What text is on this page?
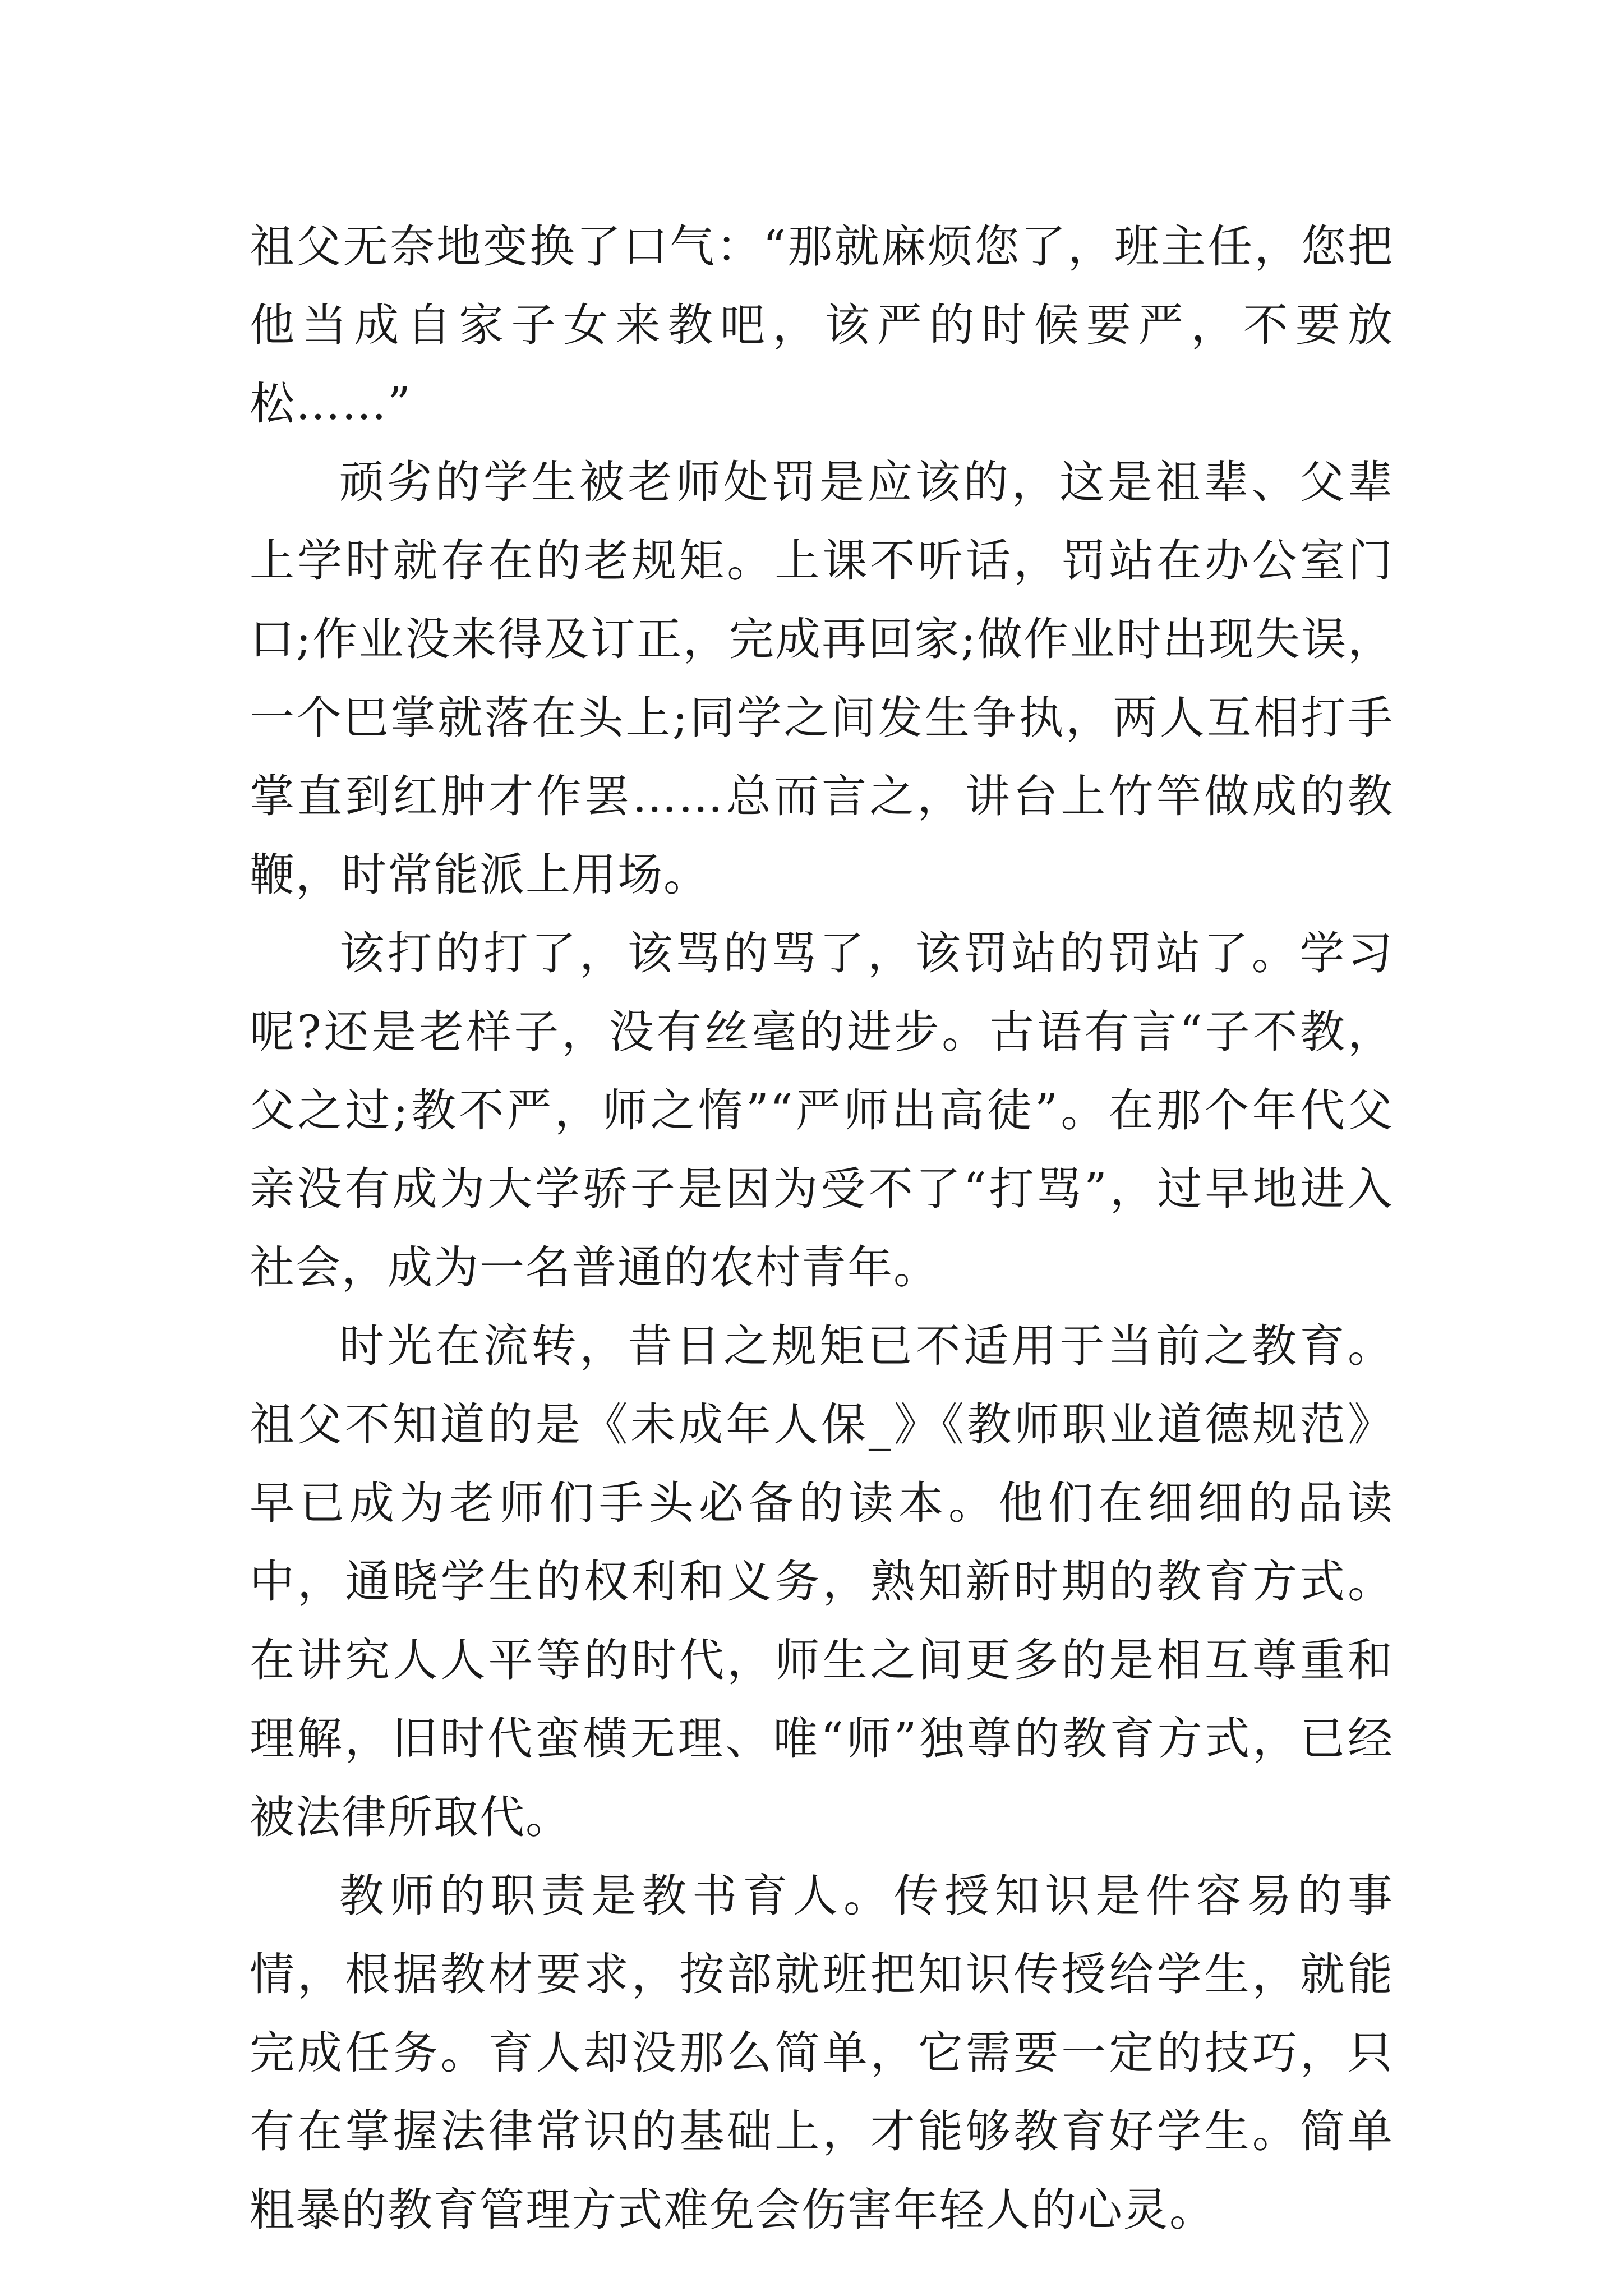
祖父无奈地变换了口气：“那就麻烦您了，班主任，您把他当成自家子女来教吧，该严的时候要严，不要放松……”

顽劣的学生被老师处罚是应该的，这是祖辈、父辈上学时就存在的老规矩。上课不听话，罚站在办公室门口;作业没来得及订正，完成再回家;做作业时出现失误，一个巴掌就落在头上;同学之间发生争执，两人互相打手掌直到红肿才作罢……总而言之，讲台上竹竿做成的教鞭，时常能派上用场。

该打的打了，该骂的骂了，该罚站的罚站了。学习呢?还是老样子，没有丝毫的进步。古语有言“子不教，父之过;教不严，师之惰”“严师出高徒”。在那个年代父亲没有成为大学骄子是因为受不了“打骂”，过早地进入社会，成为一名普通的农村青年。

时光在流转，昔日之规矩已不适用于当前之教育。祖父不知道的是《未成年人保_》《教师职业道德规范》早已成为老师们手头必备的读本。他们在细细的品读中，通晓学生的权利和义务，熟知新时期的教育方式。在讲究人人平等的时代，师生之间更多的是相互尊重和理解，旧时代蛮横无理、唯“师”独尊的教育方式，已经被法律所取代。

教师的职责是教书育人。传授知识是件容易的事情，根据教材要求，按部就班把知识传授给学生，就能完成任务。育人却没那么简单，它需要一定的技巧，只有在掌握法律常识的基础上，才能够教育好学生。简单粗暴的教育管理方式难免会伤害年轻人的心灵。
